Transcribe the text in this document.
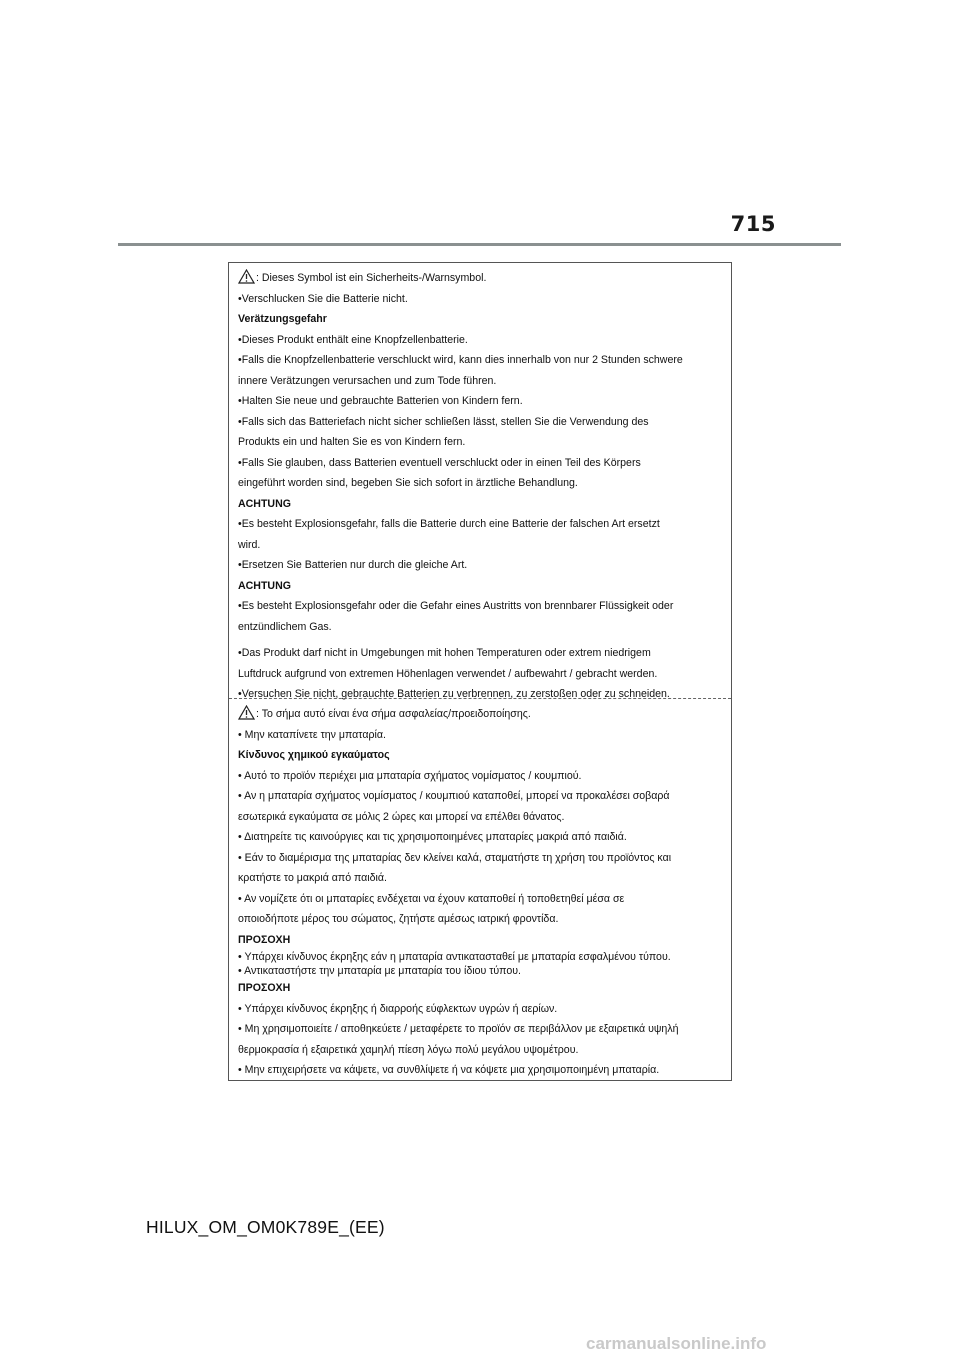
715
: Dieses Symbol ist ein Sicherheits-/Warnsymbol.
•Verschlucken Sie die Batterie nicht.
Verätzungsgefahr
•Dieses Produkt enthält eine Knopfzellenbatterie.
•Falls die Knopfzellenbatterie verschluckt wird, kann dies innerhalb von nur 2 Stunden schwere
innere Verätzungen verursachen und zum Tode führen.
•Halten Sie neue und gebrauchte Batterien von Kindern fern.
•Falls sich das Batteriefach nicht sicher schließen lässt, stellen Sie die Verwendung des
Produkts ein und halten Sie es von Kindern fern.
•Falls Sie glauben, dass Batterien eventuell verschluckt oder in einen Teil des Körpers
eingeführt worden sind, begeben Sie sich sofort in ärztliche Behandlung.
ACHTUNG
•Es besteht Explosionsgefahr, falls die Batterie durch eine Batterie der falschen Art ersetzt
wird.
•Ersetzen Sie Batterien nur durch die gleiche Art.
ACHTUNG
•Es besteht Explosionsgefahr oder die Gefahr eines Austritts von brennbarer Flüssigkeit oder
entzündlichem Gas.
•Das Produkt darf nicht in Umgebungen mit hohen Temperaturen oder extrem niedrigem
Luftdruck aufgrund von extremen Höhenlagen verwendet / aufbewahrt / gebracht werden.
•Versuchen Sie nicht, gebrauchte Batterien zu verbrennen, zu zerstoßen oder zu schneiden.
: Το σήμα αυτό είναι ένα σήμα ασφαλείας/προειδοποίησης.
• Μην καταπίνετε την μπαταρία.
Κίνδυνος χημικού εγκαύματος
• Αυτό το προϊόν περιέχει μια μπαταρία σχήματος νομίσματος / κουμπιού.
• Αν η μπαταρία σχήματος νομίσματος / κουμπιού καταποθεί, μπορεί να προκαλέσει σοβαρά
εσωτερικά εγκαύματα σε μόλις 2 ώρες και μπορεί να επέλθει θάνατος.
• Διατηρείτε τις καινούργιες και τις χρησιμοποιημένες μπαταρίες μακριά από παιδιά.
• Εάν το διαμέρισμα της μπαταρίας δεν κλείνει καλά, σταματήστε τη χρήση του προϊόντος και
κρατήστε το μακριά από παιδιά.
• Αν νομίζετε ότι οι μπαταρίες ενδέχεται να έχουν καταποθεί ή τοποθετηθεί μέσα σε
οποιοδήποτε μέρος του σώματος, ζητήστε αμέσως ιατρική φροντίδα.
ΠΡΟΣΟΧΗ
• Υπάρχει κίνδυνος έκρηξης εάν η μπαταρία αντικατασταθεί με μπαταρία εσφαλμένου τύπου.
• Αντικαταστήστε την μπαταρία με μπαταρία του ίδιου τύπου.
ΠΡΟΣΟΧΗ
• Υπάρχει κίνδυνος έκρηξης ή διαρροής εύφλεκτων υγρών ή αερίων.
• Μη χρησιμοποιείτε / αποθηκεύετε / μεταφέρετε το προϊόν σε περιβάλλον με εξαιρετικά υψηλή
θερμοκρασία ή εξαιρετικά χαμηλή πίεση λόγω πολύ μεγάλου υψομέτρου.
• Μην επιχειρήσετε να κάψετε, να συνθλίψετε ή να κόψετε μια χρησιμοποιημένη μπαταρία.
HILUX_OM_OM0K789E_(EE)
carmanualsonline.info
